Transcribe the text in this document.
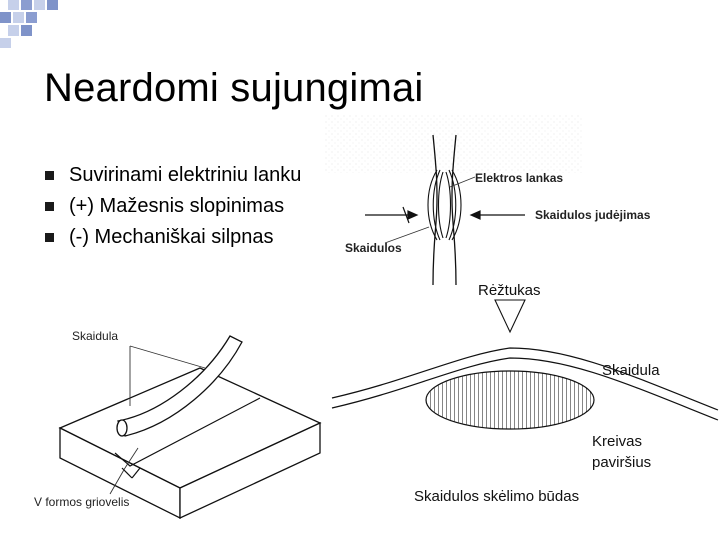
Neardomi sujungimai
Suvirinami elektriniu lanku
(+) Mažesnis slopinimas
(-) Mechaniškai silpnas
Elektros lankas
Skaidulos judėjimas
Skaidulos
Skaidula
V formos griovelis
Rėžtukas
Skaidula
Kreivas
paviršius
Skaidulos skėlimo būdas
